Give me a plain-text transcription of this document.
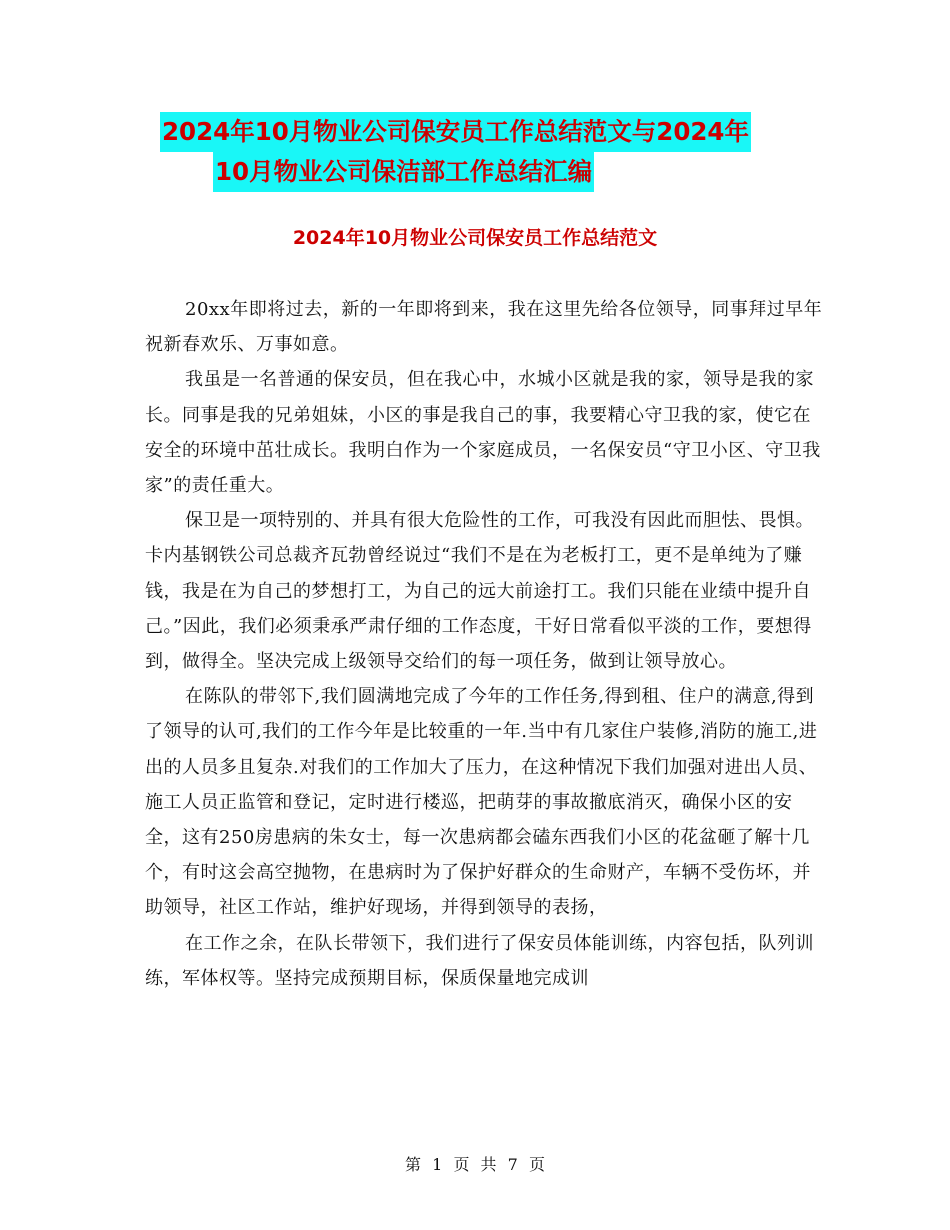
2024年10月物业公司保安员工作总结范文与2024年
10月物业公司保洁部工作总结汇编
2024年10月物业公司保安员工作总结范文

20xx年即将过去，新的一年即将到来，我在这里先给各位领导，同事拜过早年祝新春欢乐、万事如意。

我虽是一名普通的保安员，但在我心中，水城小区就是我的家，领导是我的家长。同事是我的兄弟姐妹，小区的事是我自己的事，我要精心守卫我的家，使它在安全的环境中茁壮成长。我明白作为一个家庭成员，一名保安员“守卫小区、守卫我家”的责任重大。

保卫是一项特别的、并具有很大危险性的工作，可我没有因此而胆怯、畏惧。卡内基钢铁公司总裁齐瓦勃曾经说过“我们不是在为老板打工，更不是单纯为了赚钱，我是在为自己的梦想打工，为自己的远大前途打工。我们只能在业绩中提升自己。”因此，我们必须秉承严肃仔细的工作态度，干好日常看似平淡的工作，要想得到，做得全。坚决完成上级领导交给们的每一项任务，做到让领导放心。

在陈队的带邻下,我们圆满地完成了今年的工作任务,得到租、住户的满意,得到了领导的认可,我们的工作今年是比较重的一年.当中有几家住户装修,消防的施工,进出的人员多且复杂.对我们的工作加大了压力，在这种情况下我们加强对进出人员、施工人员正监管和登记，定时进行楼巡，把萌芽的事故撤底消灭，确保小区的安全，这有250房患病的朱女士，每一次患病都会磕东西我们小区的花盆砸了解十几个，有时这会高空抛物，在患病时为了保护好群众的生命财产，车辆不受伤坏，并 助领导，社区工作站，维护好现场，并得到领导的表扬，

在工作之余，在队长带领下，我们进行了保安员体能训练，内容包括，队列训练，军体权等。坚持完成预期目标，保质保量地完成训

第 1 页 共 7 页
